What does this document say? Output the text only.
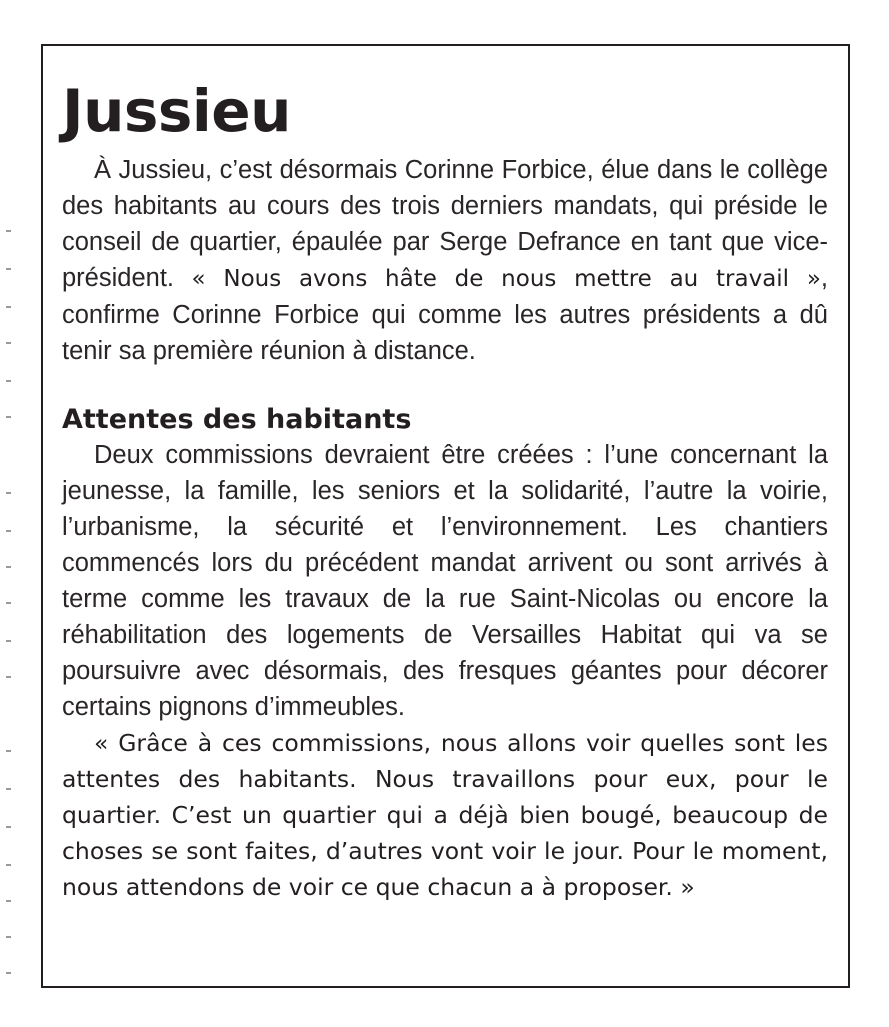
Jussieu

À Jussieu, c’est désormais Corinne Forbice, élue dans le collège des habitants au cours des trois derniers mandats, qui préside le conseil de quartier, épaulée par Serge Defrance en tant que vice-président. « Nous avons hâte de nous mettre au travail », confirme Corinne Forbice qui comme les autres présidents a dû tenir sa première réunion à distance.

Attentes des habitants

Deux commissions devraient être créées : l’une concernant la jeunesse, la famille, les seniors et la solidarité, l’autre la voirie, l’urbanisme, la sécurité et l’environnement. Les chantiers commencés lors du précédent mandat arrivent ou sont arrivés à terme comme les travaux de la rue Saint-Nicolas ou encore la réhabilitation des logements de Versailles Habitat qui va se poursuivre avec désormais, des fresques géantes pour décorer certains pignons d’immeubles.

« Grâce à ces commissions, nous allons voir quelles sont les attentes des habitants. Nous travaillons pour eux, pour le quartier. C’est un quartier qui a déjà bien bougé, beaucoup de choses se sont faites, d’autres vont voir le jour. Pour le moment, nous attendons de voir ce que chacun a à proposer. »
